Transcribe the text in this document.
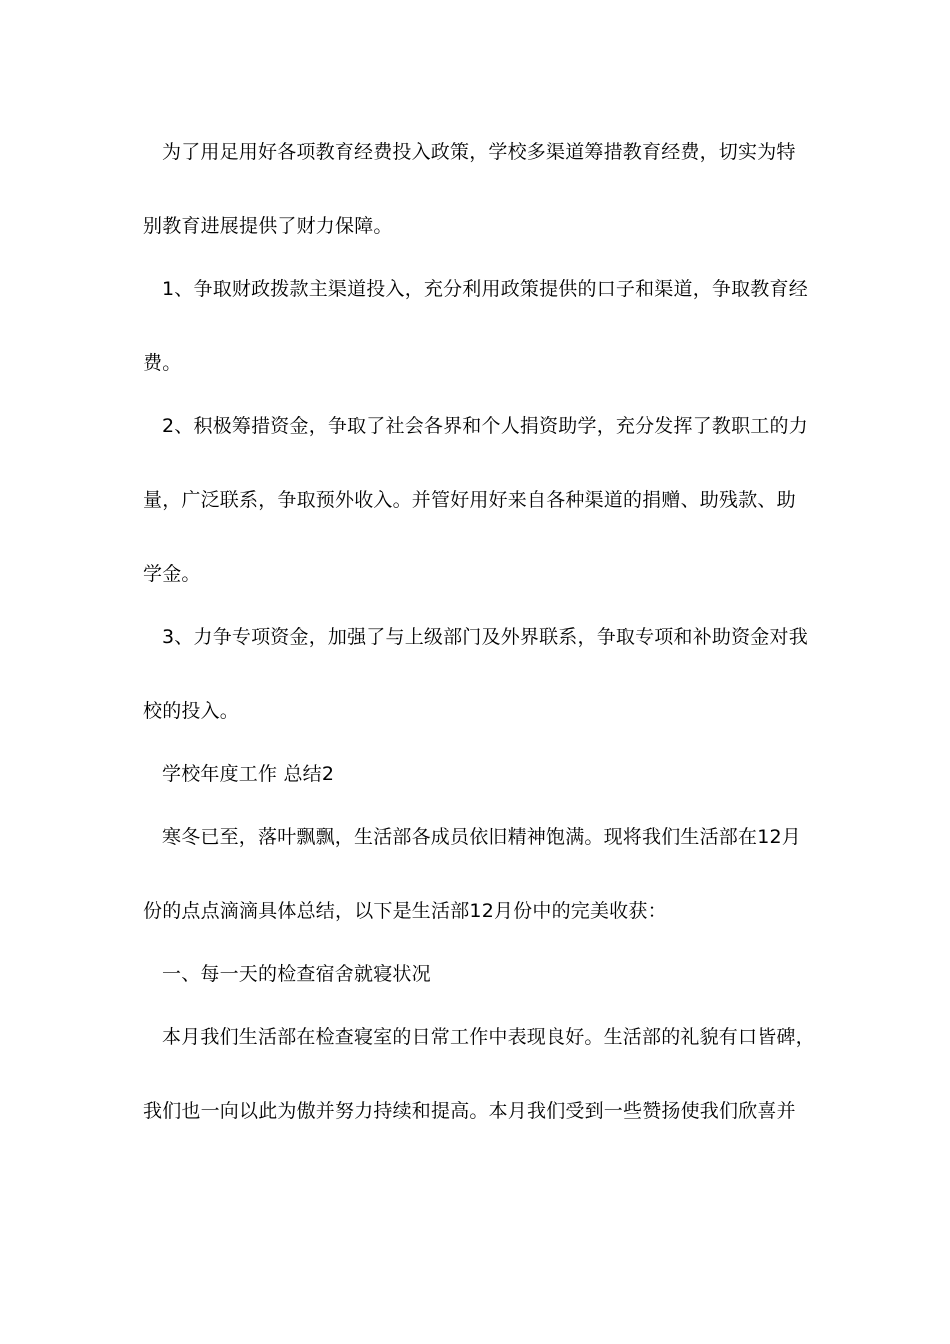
为了用足用好各项教育经费投入政策，学校多渠道筹措教育经费，切实为特
别教育进展提供了财力保障。
1、争取财政拨款主渠道投入，充分利用政策提供的口子和渠道，争取教育经
费。
2、积极筹措资金，争取了社会各界和个人捐资助学，充分发挥了教职工的力
量，广泛联系，争取预外收入。并管好用好来自各种渠道的捐赠、助残款、助
学金。
3、力争专项资金，加强了与上级部门及外界联系，争取专项和补助资金对我
校的投入。
学校年度工作 总结2
寒冬已至，落叶飘飘，生活部各成员依旧精神饱满。现将我们生活部在12月
份的点点滴滴具体总结，以下是生活部12月份中的完美收获：
一、每一天的检查宿舍就寝状况
本月我们生活部在检查寝室的日常工作中表现良好。生活部的礼貌有口皆碑，
我们也一向以此为傲并努力持续和提高。本月我们受到一些赞扬使我们欣喜并
